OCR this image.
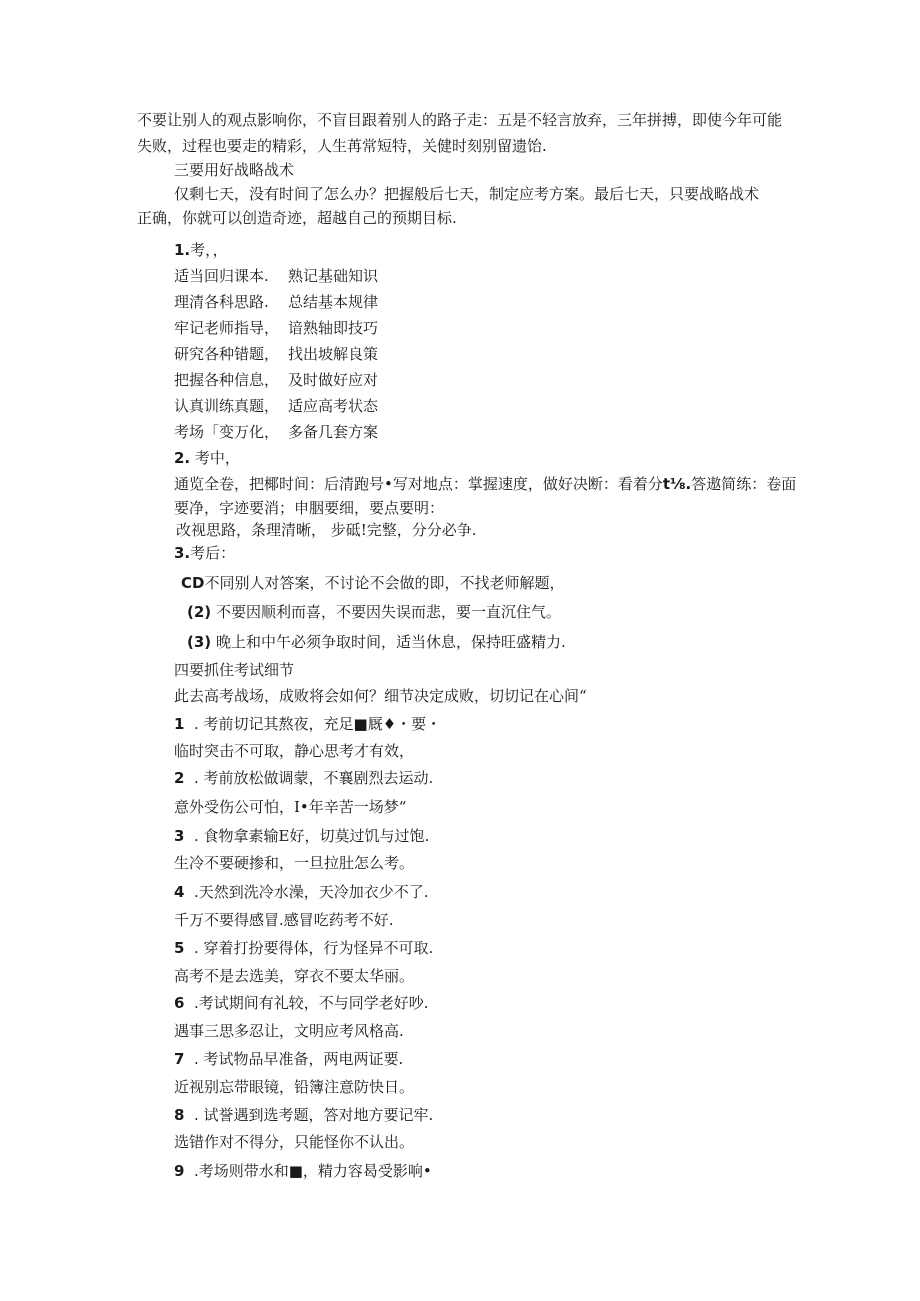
不要让别人的观点影响你，不盲目跟着别人的路子走：五是不轻言放弃，三年拼搏，即使今年可能
失败，过程也要走的精彩，人生苒常短特，关健时刻别留遗饴.
三要用好战略战术
仅剩七天，没有时间了怎么办？把握般后七天，制定应考方案。最后七天，只要战略战术
正确，你就可以创造奇迹，超越自己的预期目标.
1.考，，
适当回归课本. 熟记基础知识
理清各科思路. 总结基本规律
牢记老师指导， 谙熟轴即技巧
研究各种错题， 找出坡解良策
把握各种信息， 及时做好应对
认真训练真题， 适应高考状态
考场「变万化， 多备几套方案
2. 考中，
通览全卷，把椰时间：后清跑号•写对地点：掌握速度，做好决断：看着分t⅛.答遨简练：卷面
要净，字迹要消；申胭要细，要点要明：
改视思路，条理清晰， 步砥!完整，分分必争.
3.考后：
CD不同别人对答案，不讨论不会做的即，不找老师解题，
(2) 不要因顺利而喜，不要因失误而悲，要一直沉住气。
(3) 晚上和中午必须争取时间，适当休息，保持旺盛精力.
四要抓住考试细节
此去高考战场，成败将会如何？细节决定成败，切切记在心间“
1 . 考前切记其熬夜，充足■厩♦・要・
临时突击不可取，静心思考才有效，
2 . 考前放松做调蒙，不襄剧烈去运动.
意外受伤公可怕，I•年辛苦一场梦“
3 . 食物拿素输E好，切莫过饥与过饱.
生冷不要硬掺和，一旦拉肚怎么考。
4 .天然到洗冷水澡，天冷加衣少不了.
千万不要得感冒.感冒吃药考不好.
5 . 穿着打扮要得体，行为怪异不可取.
高考不是去选美，穿衣不要太华丽。
6 .考试期间有礼较，不与同学老好吵.
遇事三思多忍让，文明应考风格高.
7 . 考试物品早准备，两电两证要.
近视别忘带眼镜，铅簿注意防快日。
8 . 试誉遇到选考题，答对地方要记牢.
选错作对不得分，只能怪你不认出。
9 .考场则带水和■，精力容曷受影响•
